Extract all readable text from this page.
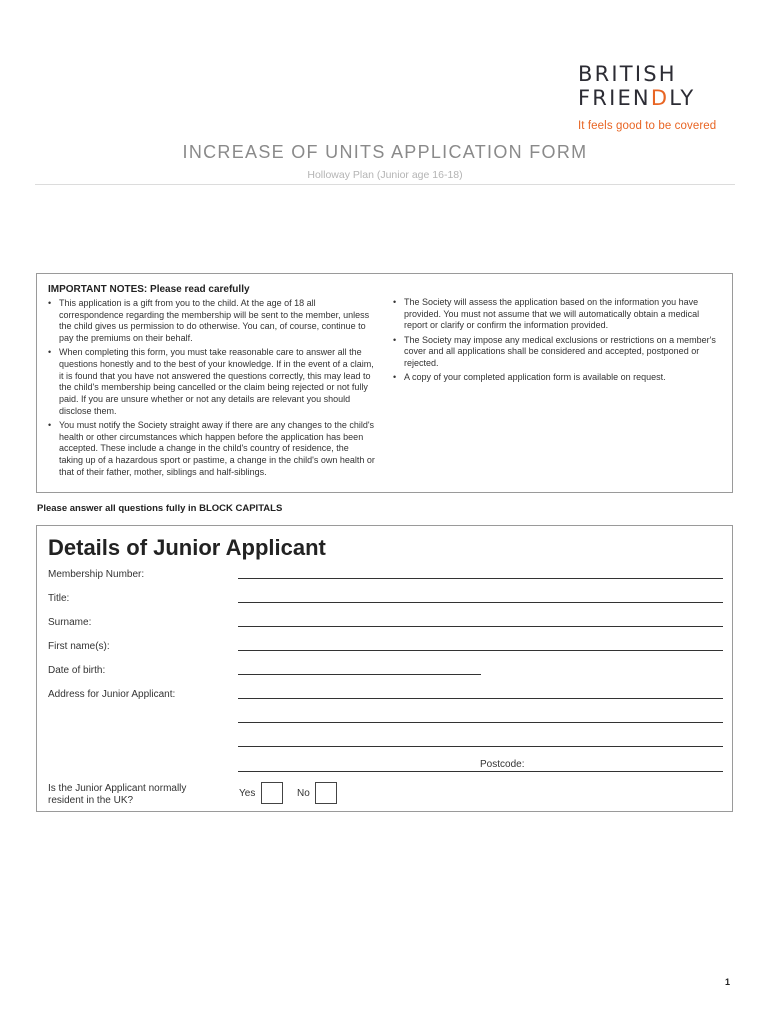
BRITISH
FRIENDLY
It feels good to be covered
INCREASE OF UNITS APPLICATION FORM
Holloway Plan (Junior age 16-18)
IMPORTANT NOTES: Please read carefully
• This application is a gift from you to the child. At the age of 18 all correspondence regarding the membership will be sent to the member, unless the child gives us permission to do otherwise. You can, of course, continue to pay the premiums on their behalf.
• When completing this form, you must take reasonable care to answer all the questions honestly and to the best of your knowledge. If in the event of a claim, it is found that you have not answered the questions correctly, this may lead to the child's membership being cancelled or the claim being rejected or not fully paid. If you are unsure whether or not any details are relevant you should disclose them.
• You must notify the Society straight away if there are any changes to the child's health or other circumstances which happen before the application has been accepted. These include a change in the child's country of residence, the taking up of a hazardous sport or pastime, a change in the child's own health or that of their father, mother, siblings and half-siblings.
• The Society will assess the application based on the information you have provided. You must not assume that we will automatically obtain a medical report or clarify or confirm the information provided.
• The Society may impose any medical exclusions or restrictions on a member's cover and all applications shall be considered and accepted, postponed or rejected.
• A copy of your completed application form is available on request.
Please answer all questions fully in BLOCK CAPITALS
Details of Junior Applicant
Membership Number:
Title:
Surname:
First name(s):
Date of birth:
Address for Junior Applicant:
Postcode:
Is the Junior Applicant normally resident in the UK?
Yes	No
1
